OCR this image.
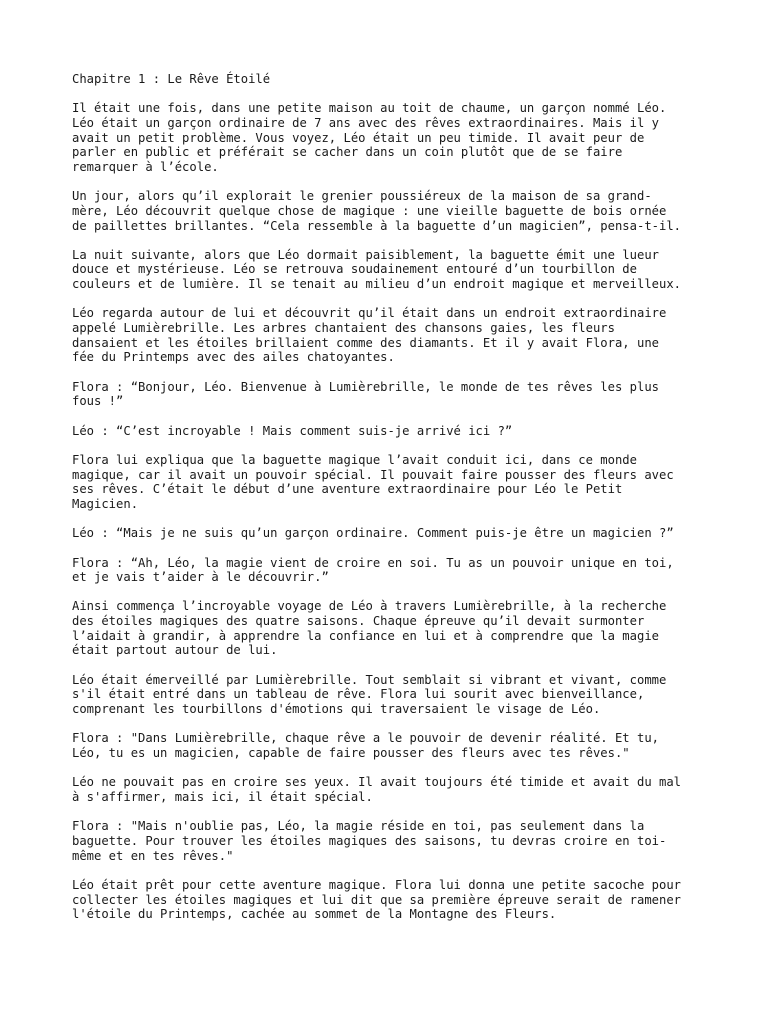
Chapitre 1 : Le Rêve Étoilé

Il était une fois, dans une petite maison au toit de chaume, un garçon nommé Léo.
Léo était un garçon ordinaire de 7 ans avec des rêves extraordinaires. Mais il y
avait un petit problème. Vous voyez, Léo était un peu timide. Il avait peur de
parler en public et préférait se cacher dans un coin plutôt que de se faire
remarquer à l’école.

Un jour, alors qu’il explorait le grenier poussiéreux de la maison de sa grand-
mère, Léo découvrit quelque chose de magique : une vieille baguette de bois ornée
de paillettes brillantes. “Cela ressemble à la baguette d’un magicien”, pensa-t-il.

La nuit suivante, alors que Léo dormait paisiblement, la baguette émit une lueur
douce et mystérieuse. Léo se retrouva soudainement entouré d’un tourbillon de
couleurs et de lumière. Il se tenait au milieu d’un endroit magique et merveilleux.

Léo regarda autour de lui et découvrit qu’il était dans un endroit extraordinaire
appelé Lumièrebrille. Les arbres chantaient des chansons gaies, les fleurs
dansaient et les étoiles brillaient comme des diamants. Et il y avait Flora, une
fée du Printemps avec des ailes chatoyantes.

Flora : “Bonjour, Léo. Bienvenue à Lumièrebrille, le monde de tes rêves les plus
fous !”

Léo : “C’est incroyable ! Mais comment suis-je arrivé ici ?”

Flora lui expliqua que la baguette magique l’avait conduit ici, dans ce monde
magique, car il avait un pouvoir spécial. Il pouvait faire pousser des fleurs avec
ses rêves. C’était le début d’une aventure extraordinaire pour Léo le Petit
Magicien.

Léo : “Mais je ne suis qu’un garçon ordinaire. Comment puis-je être un magicien ?”

Flora : “Ah, Léo, la magie vient de croire en soi. Tu as un pouvoir unique en toi,
et je vais t’aider à le découvrir.”

Ainsi commença l’incroyable voyage de Léo à travers Lumièrebrille, à la recherche
des étoiles magiques des quatre saisons. Chaque épreuve qu’il devait surmonter
l’aidait à grandir, à apprendre la confiance en lui et à comprendre que la magie
était partout autour de lui.

Léo était émerveillé par Lumièrebrille. Tout semblait si vibrant et vivant, comme
s'il était entré dans un tableau de rêve. Flora lui sourit avec bienveillance,
comprenant les tourbillons d'émotions qui traversaient le visage de Léo.

Flora : "Dans Lumièrebrille, chaque rêve a le pouvoir de devenir réalité. Et tu,
Léo, tu es un magicien, capable de faire pousser des fleurs avec tes rêves."

Léo ne pouvait pas en croire ses yeux. Il avait toujours été timide et avait du mal
à s'affirmer, mais ici, il était spécial.

Flora : "Mais n'oublie pas, Léo, la magie réside en toi, pas seulement dans la
baguette. Pour trouver les étoiles magiques des saisons, tu devras croire en toi-
même et en tes rêves."

Léo était prêt pour cette aventure magique. Flora lui donna une petite sacoche pour
collecter les étoiles magiques et lui dit que sa première épreuve serait de ramener
l'étoile du Printemps, cachée au sommet de la Montagne des Fleurs.
